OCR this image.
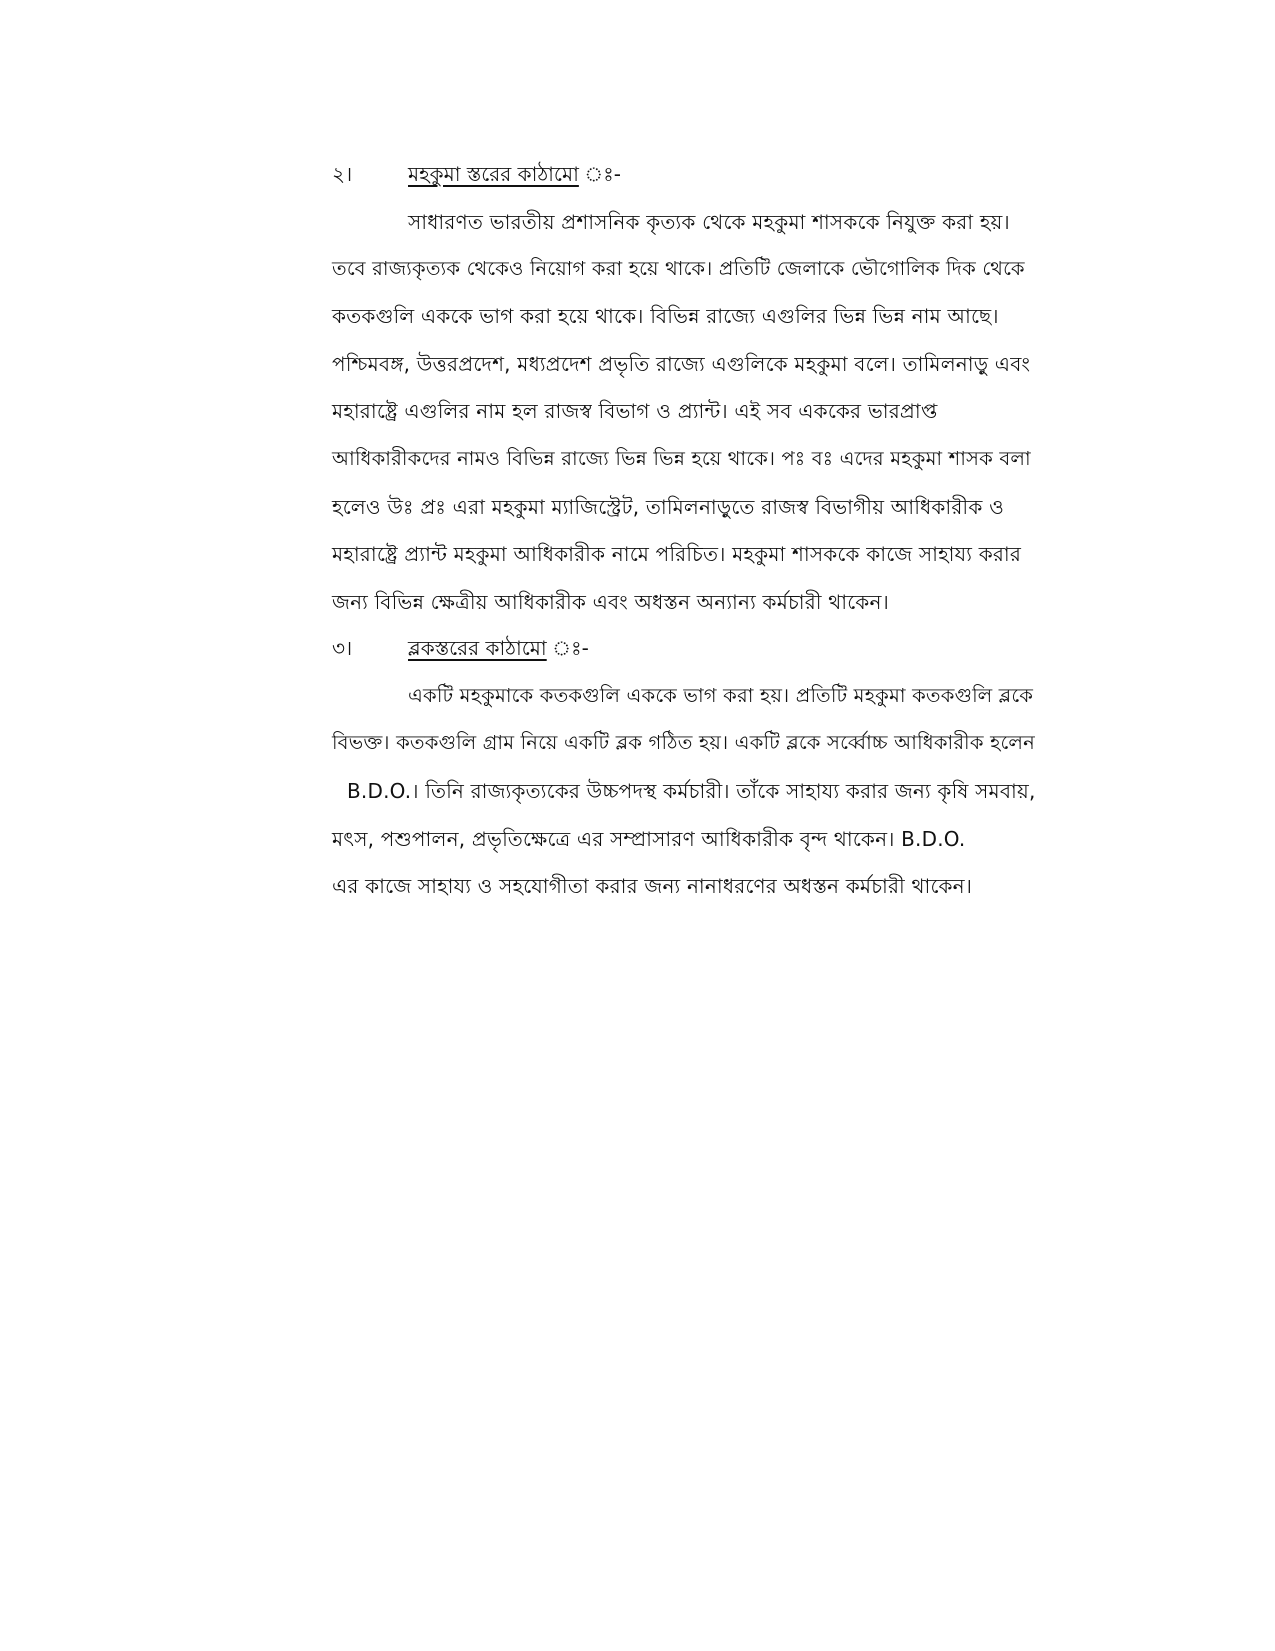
২।	মহকুমা স্তরের কাঠামো ঃ-
সাধারণত ভারতীয় প্রশাসনিক কৃত্যক থেকে মহকুমা শাসককে নিযুক্ত করা হয়।
তবে রাজ্যকৃত্যক থেকেও নিয়োগ করা হয়ে থাকে। প্রতিটি জেলাকে ভৌগোলিক দিক থেকে
কতকগুলি এককে ভাগ করা হয়ে থাকে। বিভিন্ন রাজ্যে এগুলির ভিন্ন ভিন্ন নাম আছে।
পশ্চিমবঙ্গ, উত্তরপ্রদেশ, মধ্যপ্রদেশ প্রভৃতি রাজ্যে এগুলিকে মহকুমা বলে। তামিলনাড়ু এবং
মহারাষ্ট্রে এগুলির নাম হল রাজস্ব বিভাগ ও প্র্যান্ট। এই সব এককের ভারপ্রাপ্ত
আধিকারীকদের নামও বিভিন্ন রাজ্যে ভিন্ন ভিন্ন হয়ে থাকে। পঃ বঃ এদের মহকুমা শাসক বলা
হলেও উঃ প্রঃ এরা মহকুমা ম্যাজিস্ট্রেট, তামিলনাড়ুতে রাজস্ব বিভাগীয় আধিকারীক ও
মহারাষ্ট্রে প্র্যান্ট মহকুমা আধিকারীক নামে পরিচিত। মহকুমা শাসককে কাজে সাহায্য করার
জন্য বিভিন্ন ক্ষেত্রীয় আধিকারীক এবং অধস্তন অন্যান্য কর্মচারী থাকেন।
৩।	ব্লকস্তরের কাঠামো ঃ-
একটি মহকুমাকে কতকগুলি এককে ভাগ করা হয়। প্রতিটি মহকুমা কতকগুলি ব্লকে
বিভক্ত। কতকগুলি গ্রাম নিয়ে একটি ব্লক গঠিত হয়। একটি ব্লকে সর্ব্বোচ্চ আধিকারীক হলেন
B.D.O.। তিনি রাজ্যকৃত্যকের উচ্চপদস্থ কর্মচারী। তাঁকে সাহায্য করার জন্য কৃষি সমবায়,
মৎস, পশুপালন, প্রভৃতিক্ষেত্রে এর সম্প্রাসারণ আধিকারীক বৃন্দ থাকেন। B.D.O.
এর কাজে সাহায্য ও সহযোগীতা করার জন্য নানাধরণের অধস্তন কর্মচারী থাকেন।
